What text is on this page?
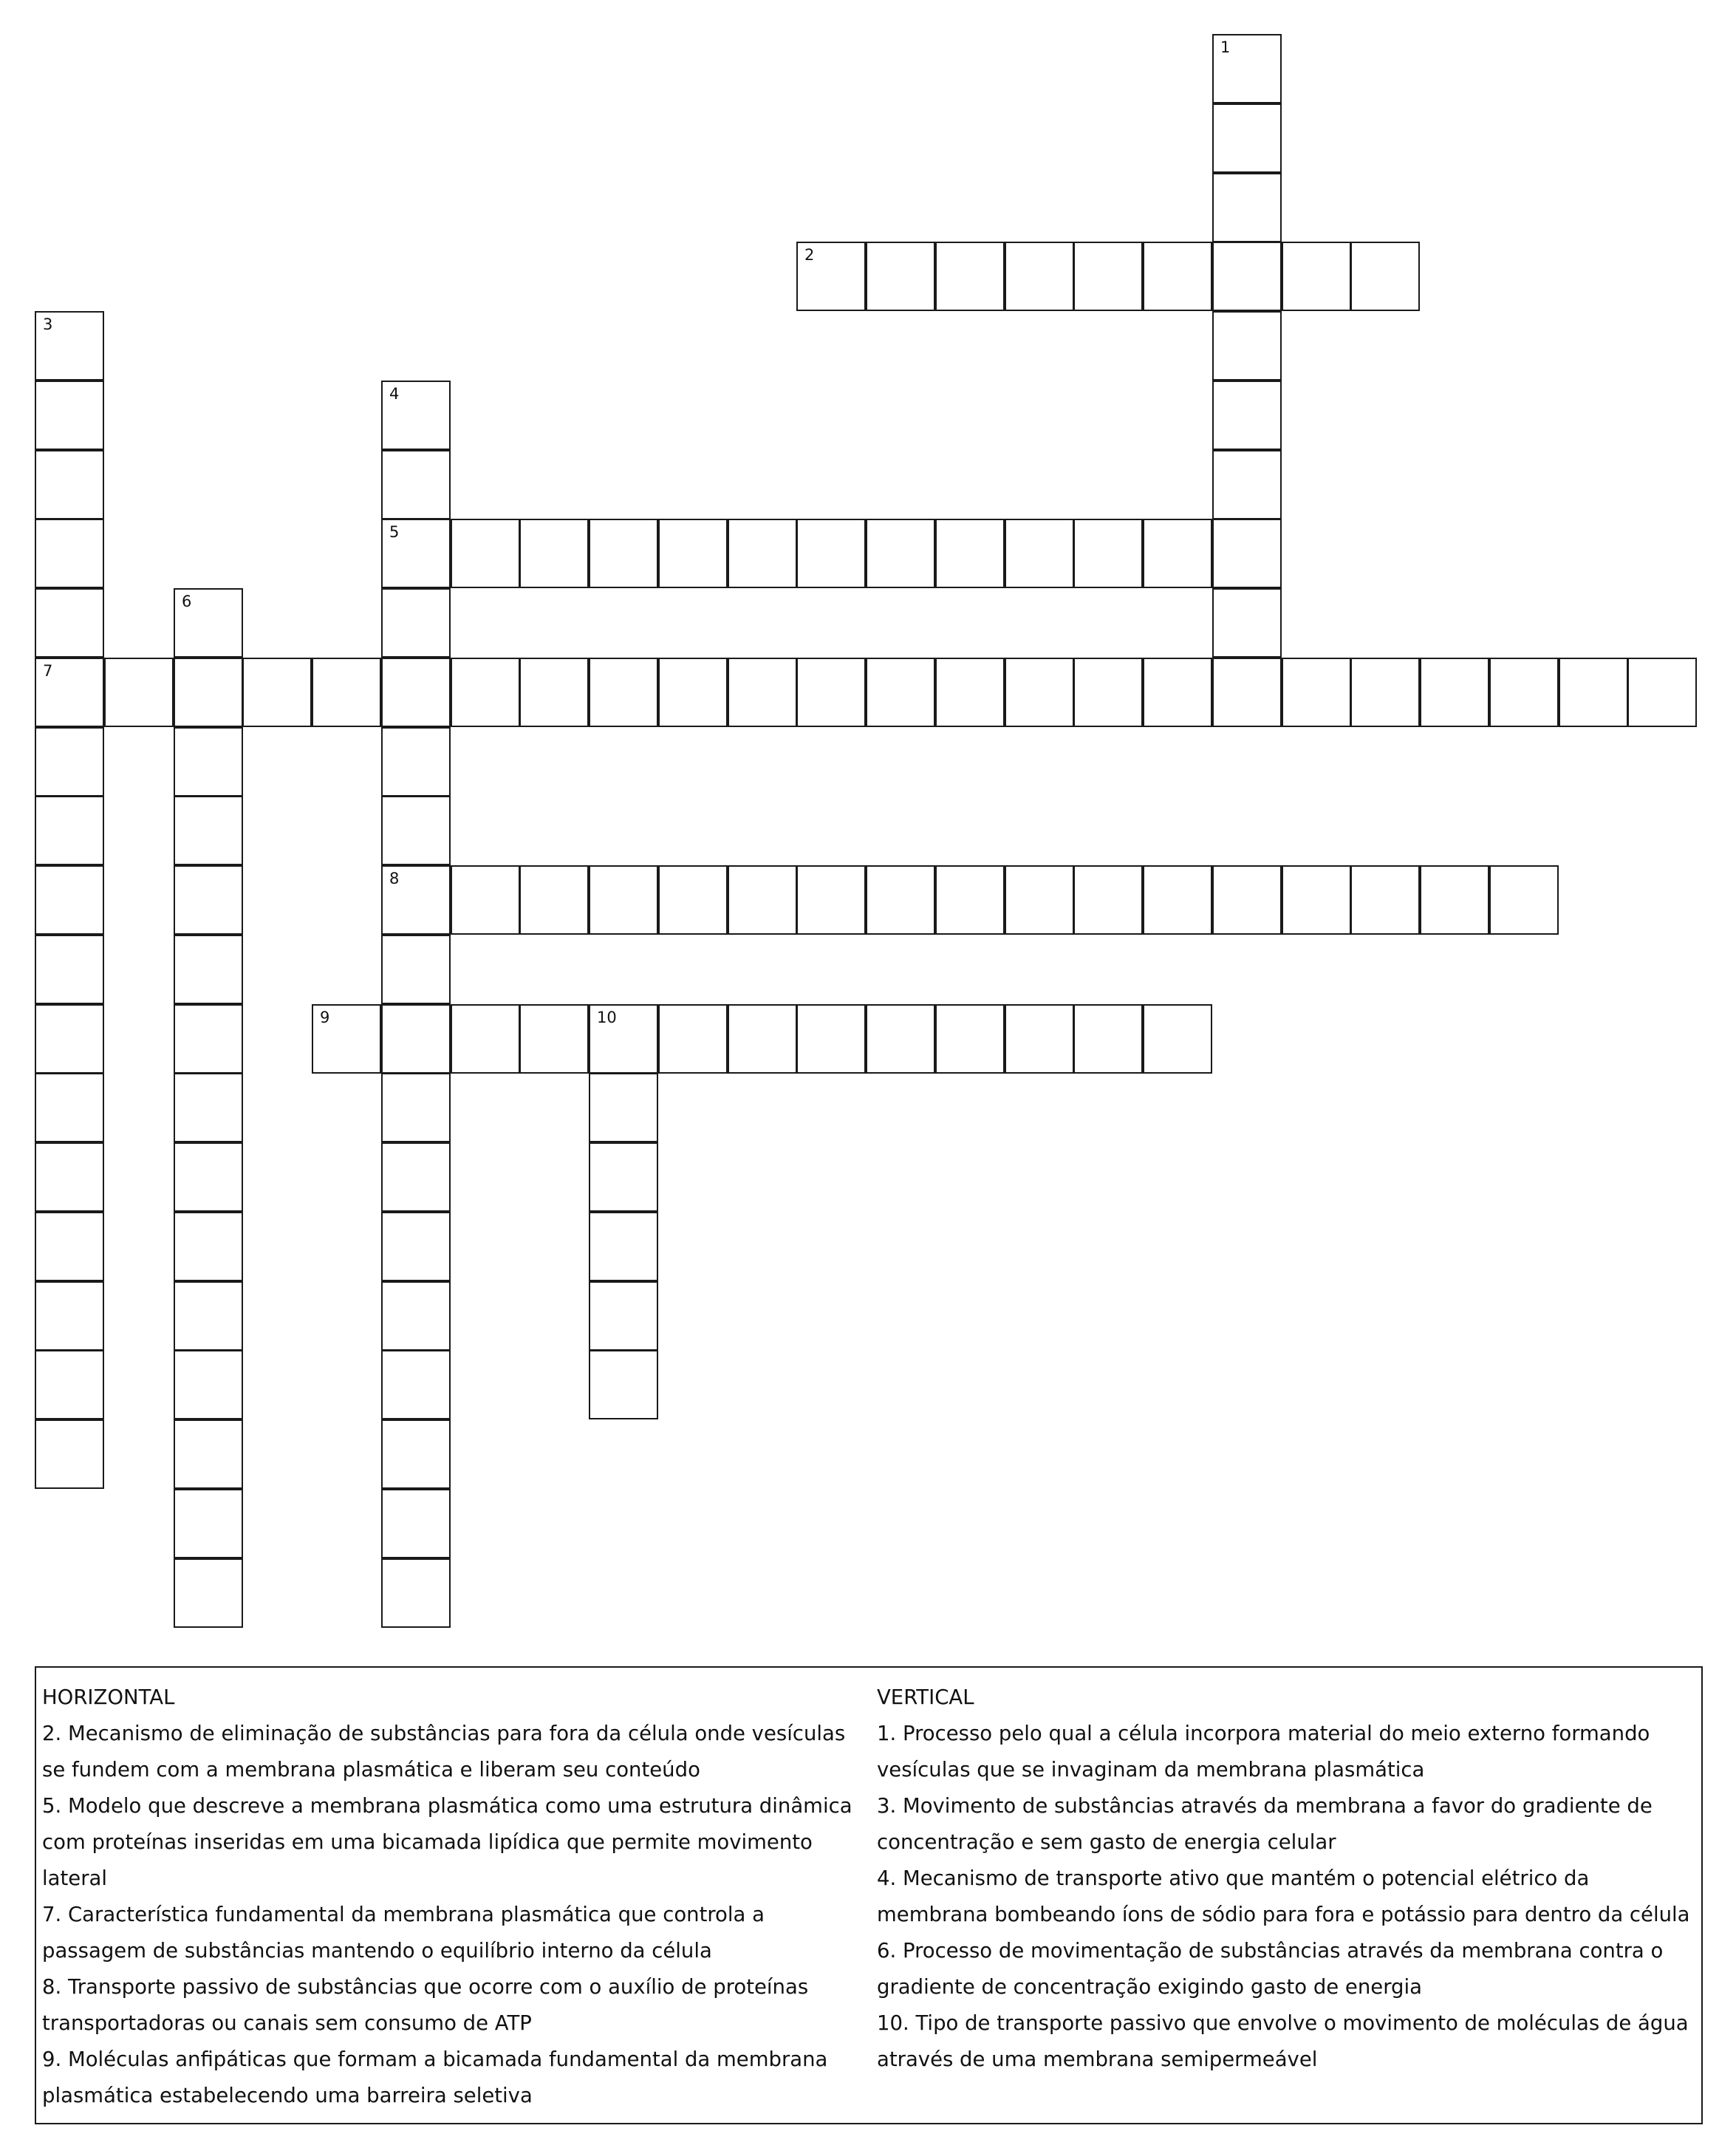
1
2
3
7
4
5
8
6
9	10

HORIZONTAL

2. Mecanismo de eliminação de substâncias para fora da célula onde vesículas se fundem com a membrana plasmática e liberam seu conteúdo

5. Modelo que descreve a membrana plasmática como uma estrutura dinâmica com proteínas inseridas em uma bicamada lipídica que permite movimento lateral

7. Característica fundamental da membrana plasmática que controla a passagem de substâncias mantendo o equilíbrio interno da célula

8. Transporte passivo de substâncias que ocorre com o auxílio de proteínas transportadoras ou canais sem consumo de ATP

9. Moléculas anfipáticas que formam a bicamada fundamental da membrana plasmática estabelecendo uma barreira seletiva

VERTICAL

1. Processo pelo qual a célula incorpora material do meio externo formando vesículas que se invaginam da membrana plasmática

3. Movimento de substâncias através da membrana a favor do gradiente de concentração e sem gasto de energia celular

4. Mecanismo de transporte ativo que mantém o potencial elétrico da membrana bombeando íons de sódio para fora e potássio para dentro da célula

6. Processo de movimentação de substâncias através da membrana contra o gradiente de concentração exigindo gasto de energia

10. Tipo de transporte passivo que envolve o movimento de moléculas de água através de uma membrana semipermeável
